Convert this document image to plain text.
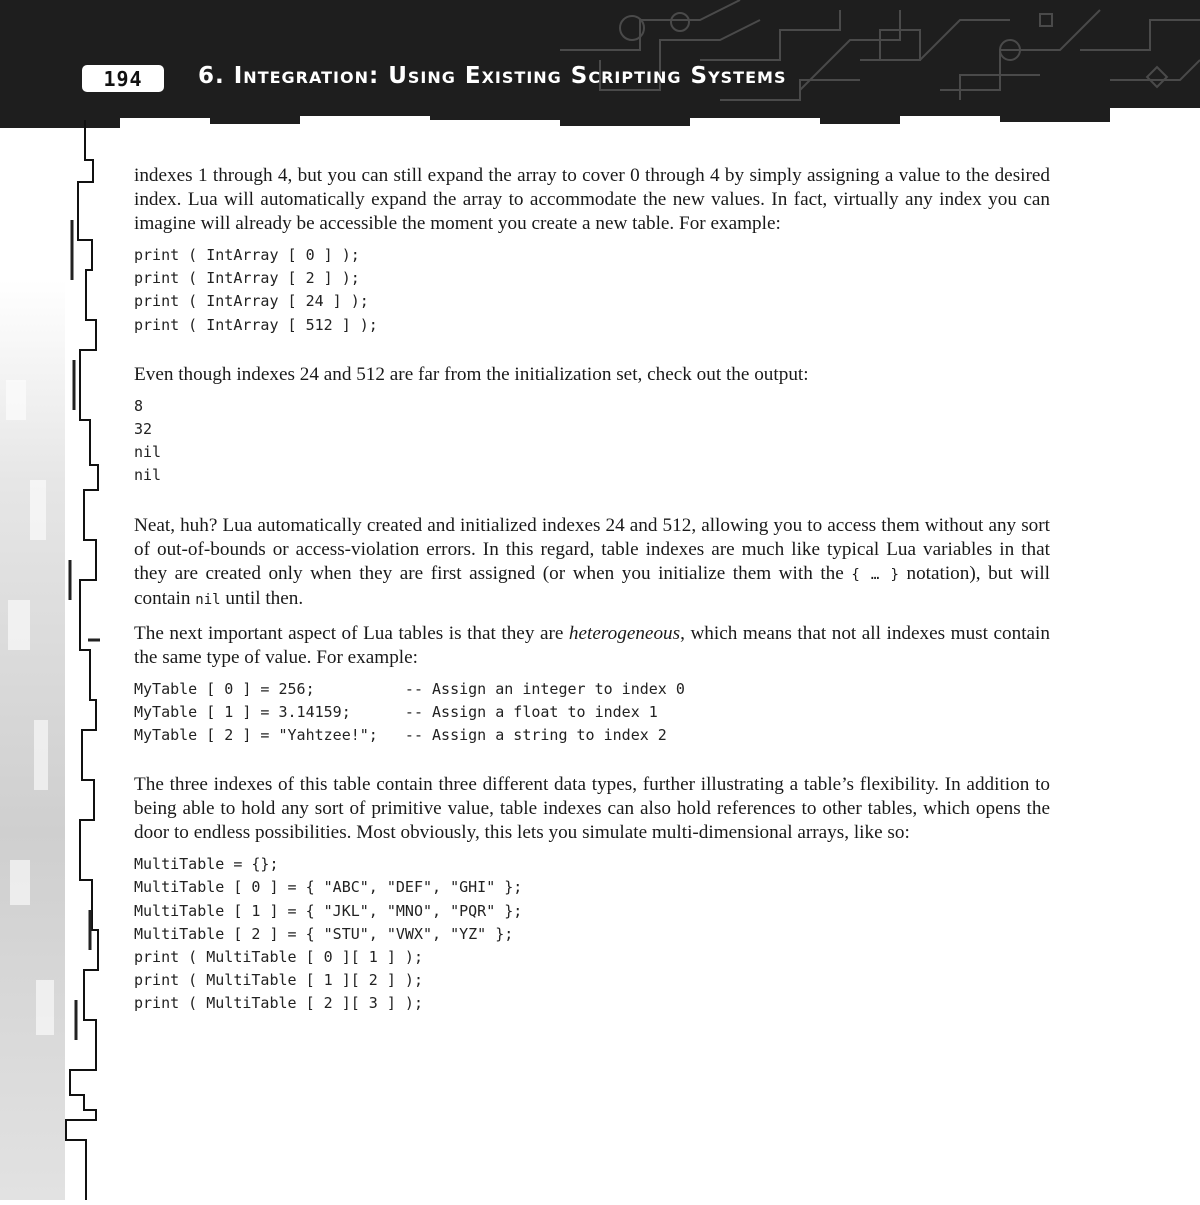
194	6. Integration: Using Existing Scripting Systems

indexes 1 through 4, but you can still expand the array to cover 0 through 4 by simply assigning a value to the desired index. Lua will automatically expand the array to accommodate the new values. In fact, virtually any index you can imagine will already be accessible the moment you create a new table. For example:

print ( IntArray [ 0 ] );
print ( IntArray [ 2 ] );
print ( IntArray [ 24 ] );
print ( IntArray [ 512 ] );

Even though indexes 24 and 512 are far from the initialization set, check out the output:

8
32
nil
nil

Neat, huh? Lua automatically created and initialized indexes 24 and 512, allowing you to access them without any sort of out-of-bounds or access-violation errors. In this regard, table indexes are much like typical Lua variables in that they are created only when they are first assigned (or when you initialize them with the { … } notation), but will contain nil until then.

The next important aspect of Lua tables is that they are heterogeneous, which means that not all indexes must contain the same type of value. For example:

MyTable [ 0 ] = 256;          -- Assign an integer to index 0
MyTable [ 1 ] = 3.14159;      -- Assign a float to index 1
MyTable [ 2 ] = "Yahtzee!";   -- Assign a string to index 2

The three indexes of this table contain three different data types, further illustrating a table’s flexibility. In addition to being able to hold any sort of primitive value, table indexes can also hold references to other tables, which opens the door to endless possibilities. Most obviously, this lets you simulate multi-dimensional arrays, like so:

MultiTable = {};
MultiTable [ 0 ] = { "ABC", "DEF", "GHI" };
MultiTable [ 1 ] = { "JKL", "MNO", "PQR" };
MultiTable [ 2 ] = { "STU", "VWX", "YZ" };
print ( MultiTable [ 0 ][ 1 ] );
print ( MultiTable [ 1 ][ 2 ] );
print ( MultiTable [ 2 ][ 3 ] );
